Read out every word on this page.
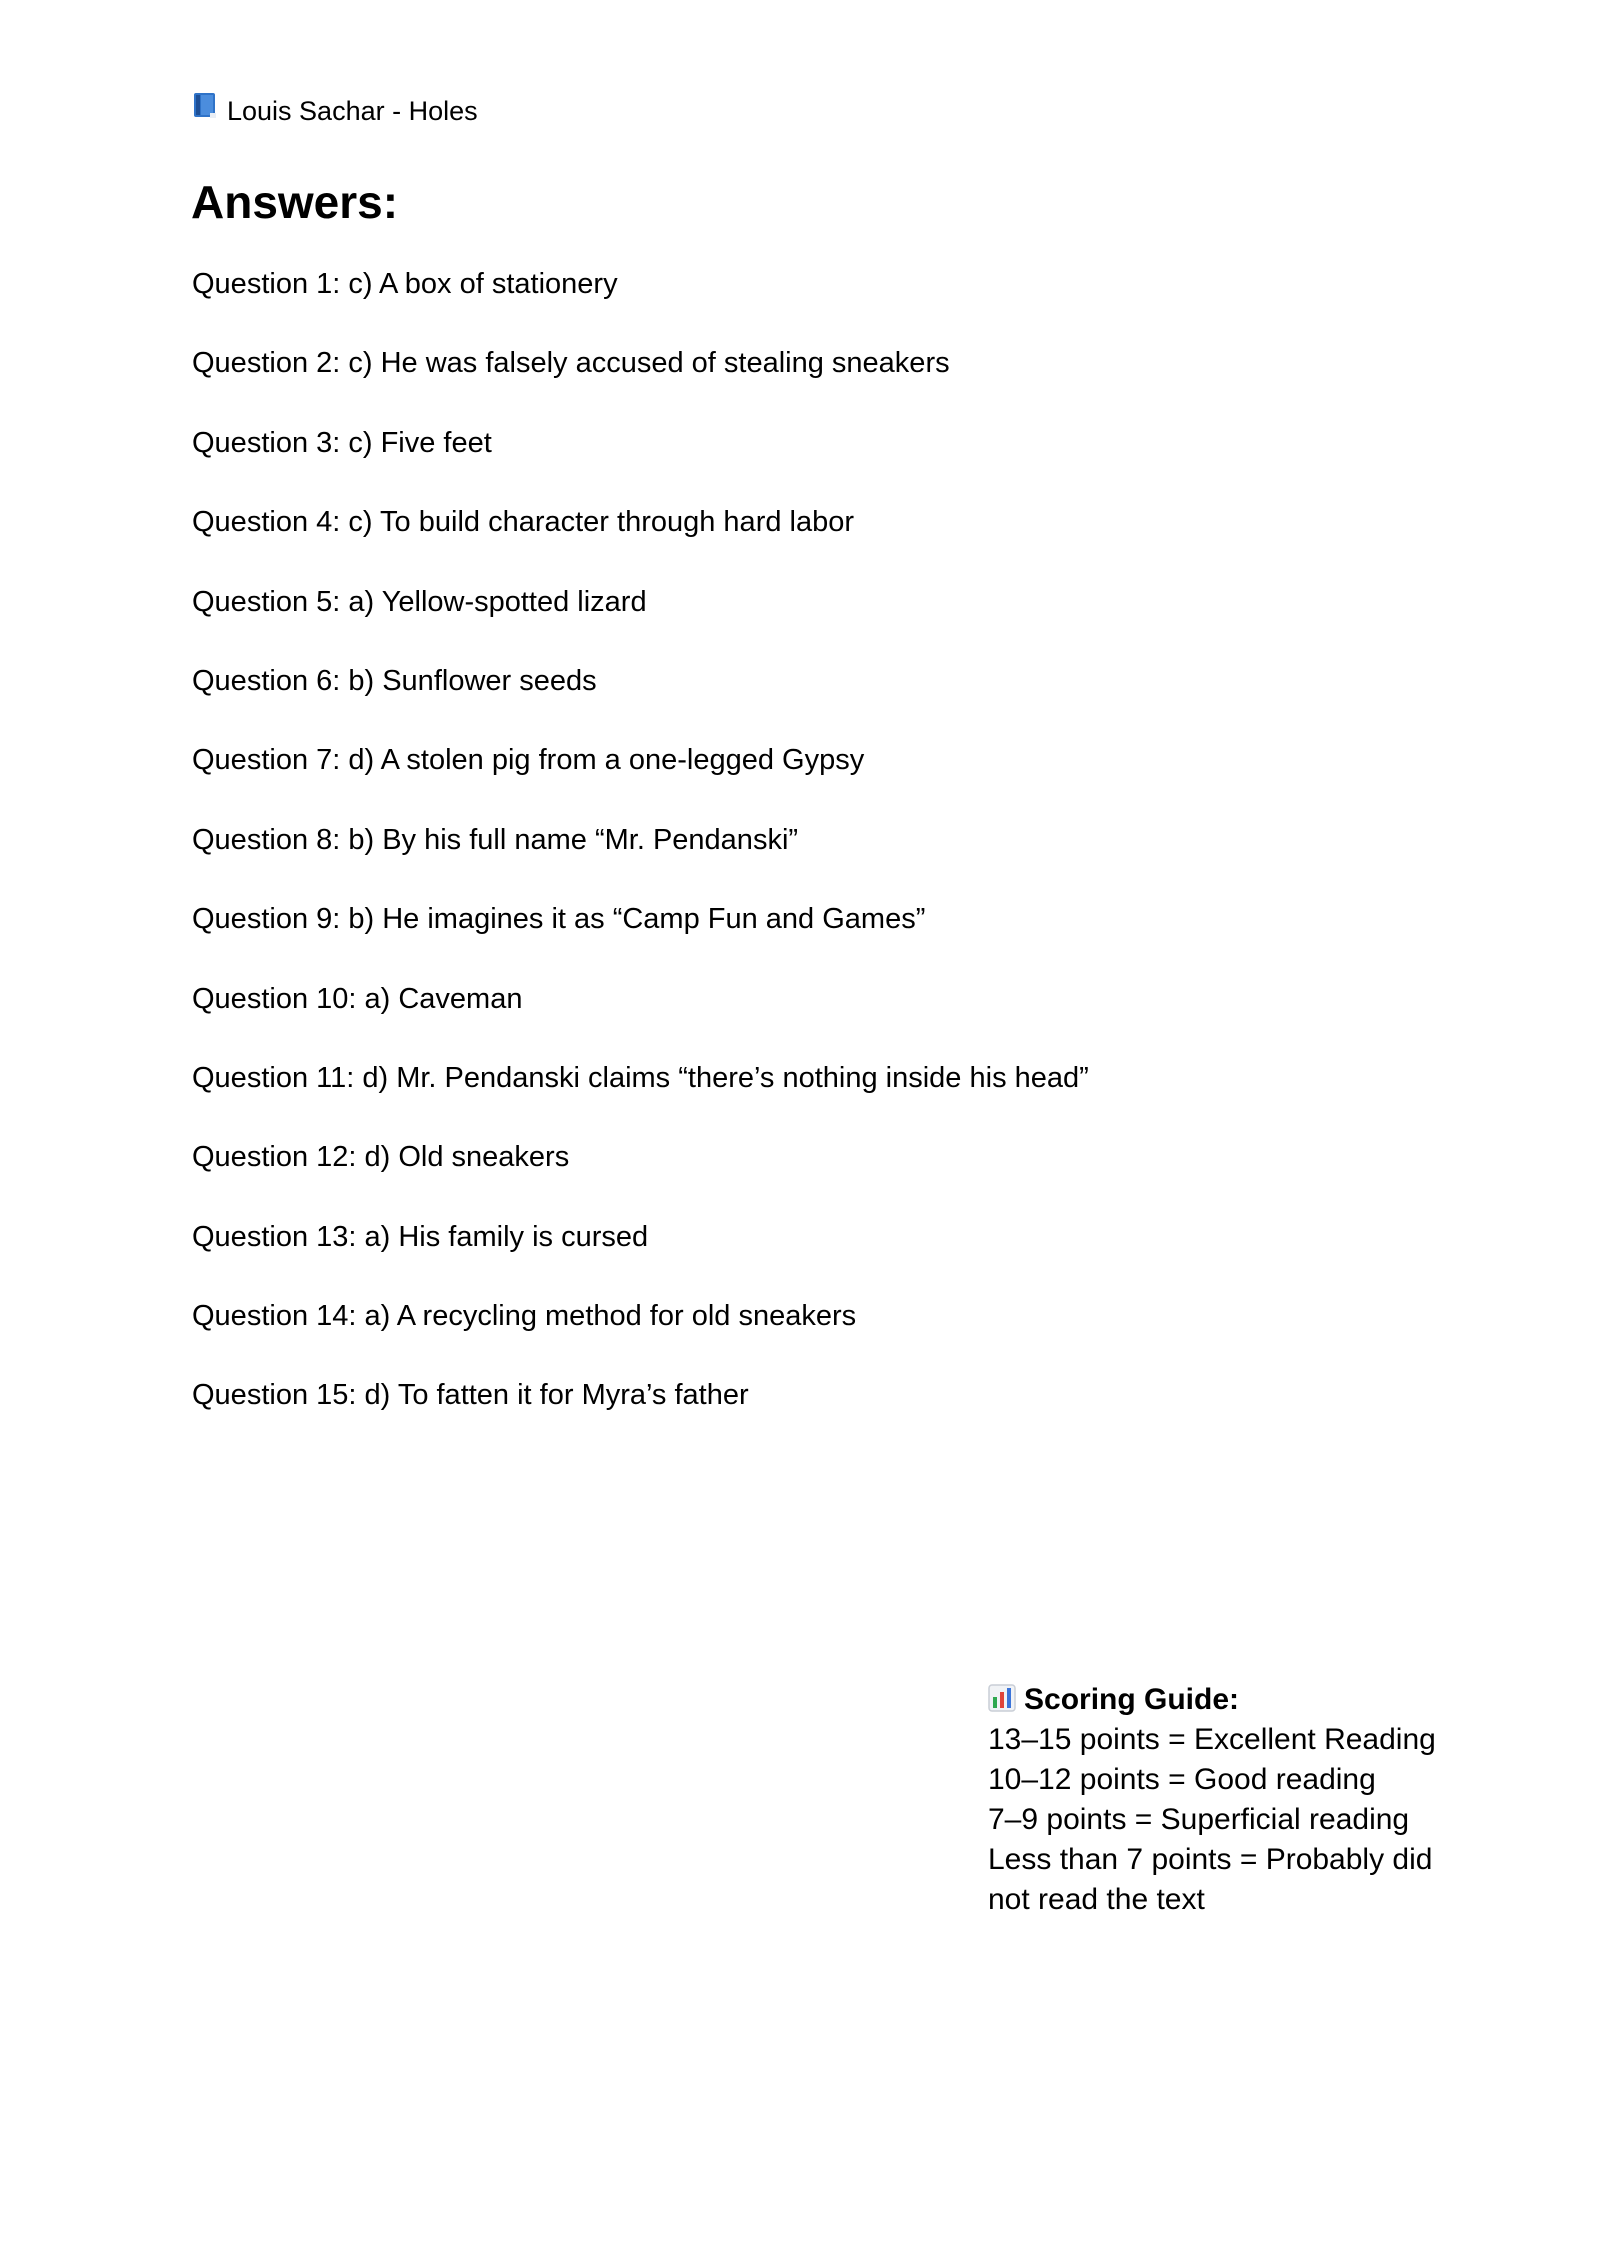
Louis Sachar - Holes
Answers:
Question 1: c) A box of stationery
Question 2: c) He was falsely accused of stealing sneakers
Question 3: c) Five feet
Question 4: c) To build character through hard labor
Question 5: a) Yellow-spotted lizard
Question 6: b) Sunflower seeds
Question 7: d) A stolen pig from a one-legged Gypsy
Question 8: b) By his full name “Mr. Pendanski”
Question 9: b) He imagines it as “Camp Fun and Games”
Question 10: a) Caveman
Question 11: d) Mr. Pendanski claims “there’s nothing inside his head”
Question 12: d) Old sneakers
Question 13: a) His family is cursed
Question 14: a) A recycling method for old sneakers
Question 15: d) To fatten it for Myra’s father
Scoring Guide:
13–15 points = Excellent Reading
10–12 points = Good reading
7–9 points = Superficial reading
Less than 7 points = Probably did not read the text
